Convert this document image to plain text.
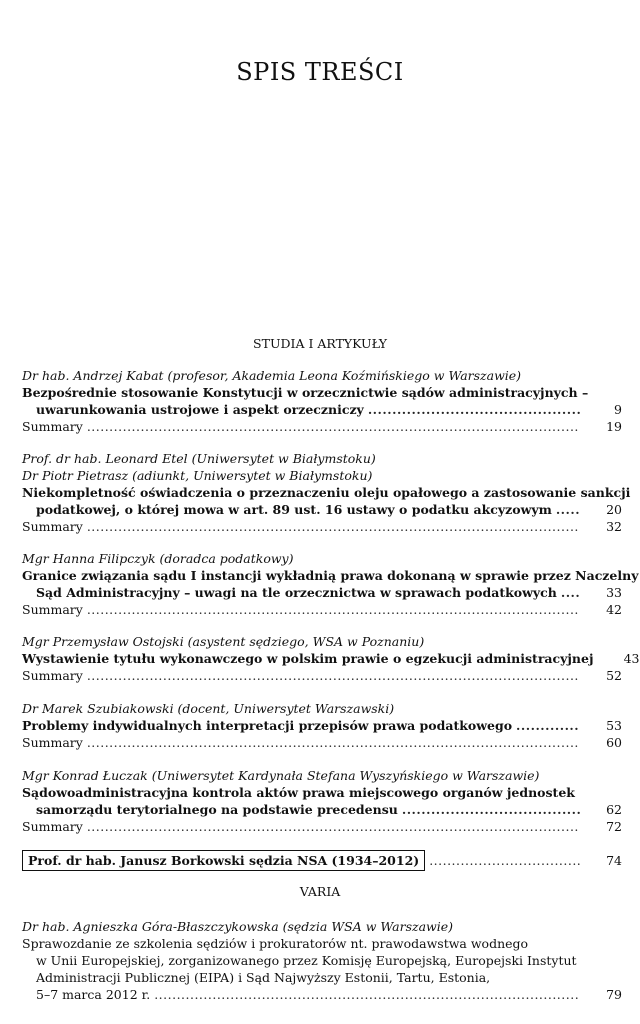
SPIS TREŚCI
STUDIA I ARTYKUŁY
Dr hab. Andrzej Kabat (profesor, Akademia Leona Koźmińskiego w Warszawie)
Bezpośrednie stosowanie Konstytucji w orzecznictwie sądów administracyjnych –
uwarunkowania ustrojowe i aspekt orzeczniczy .....	9
Summary .....	19
Prof. dr hab. Leonard Etel (Uniwersytet w Białymstoku)
Dr Piotr Pietrasz (adiunkt, Uniwersytet w Białymstoku)
Niekompletność oświadczenia o przeznaczeniu oleju opałowego a zastosowanie sankcji
podatkowej, o której mowa w art. 89 ust. 16 ustawy o podatku akcyzowym .....	20
Summary .....	32
Mgr Hanna Filipczyk (doradca podatkowy)
Granice związania sądu I instancji wykładnią prawa dokonaną w sprawie przez Naczelny
Sąd Administracyjny – uwagi na tle orzecznictwa w sprawach podatkowych .....	33
Summary .....	42
Mgr Przemysław Ostojski (asystent sędziego, WSA w Poznaniu)
Wystawienie tytułu wykonawczego w polskim prawie o egzekucji administracyjnej	43
Summary .....	52
Dr Marek Szubiakowski (docent, Uniwersytet Warszawski)
Problemy indywidualnych interpretacji przepisów prawa podatkowego .....	53
Summary .....	60
Mgr Konrad Łuczak (Uniwersytet Kardynała Stefana Wyszyńskiego w Warszawie)
Sądowoadministracyjna kontrola aktów prawa miejscowego organów jednostek
samorządu terytorialnego na podstawie precedensu .....	62
Summary .....	72
Prof. dr hab. Janusz Borkowski sędzia NSA (1934–2012) .....	74
VARIA
Dr hab. Agnieszka Góra-Błaszczykowska (sędzia WSA w Warszawie)
Sprawozdanie ze szkolenia sędziów i prokuratorów nt. prawodawstwa wodnego
w Unii Europejskiej, zorganizowanego przez Komisję Europejską, Europejski Instytut
Administracji Publicznej (EIPA) i Sąd Najwyższy Estonii, Tartu, Estonia,
5–7 marca 2012 r. .....	79
